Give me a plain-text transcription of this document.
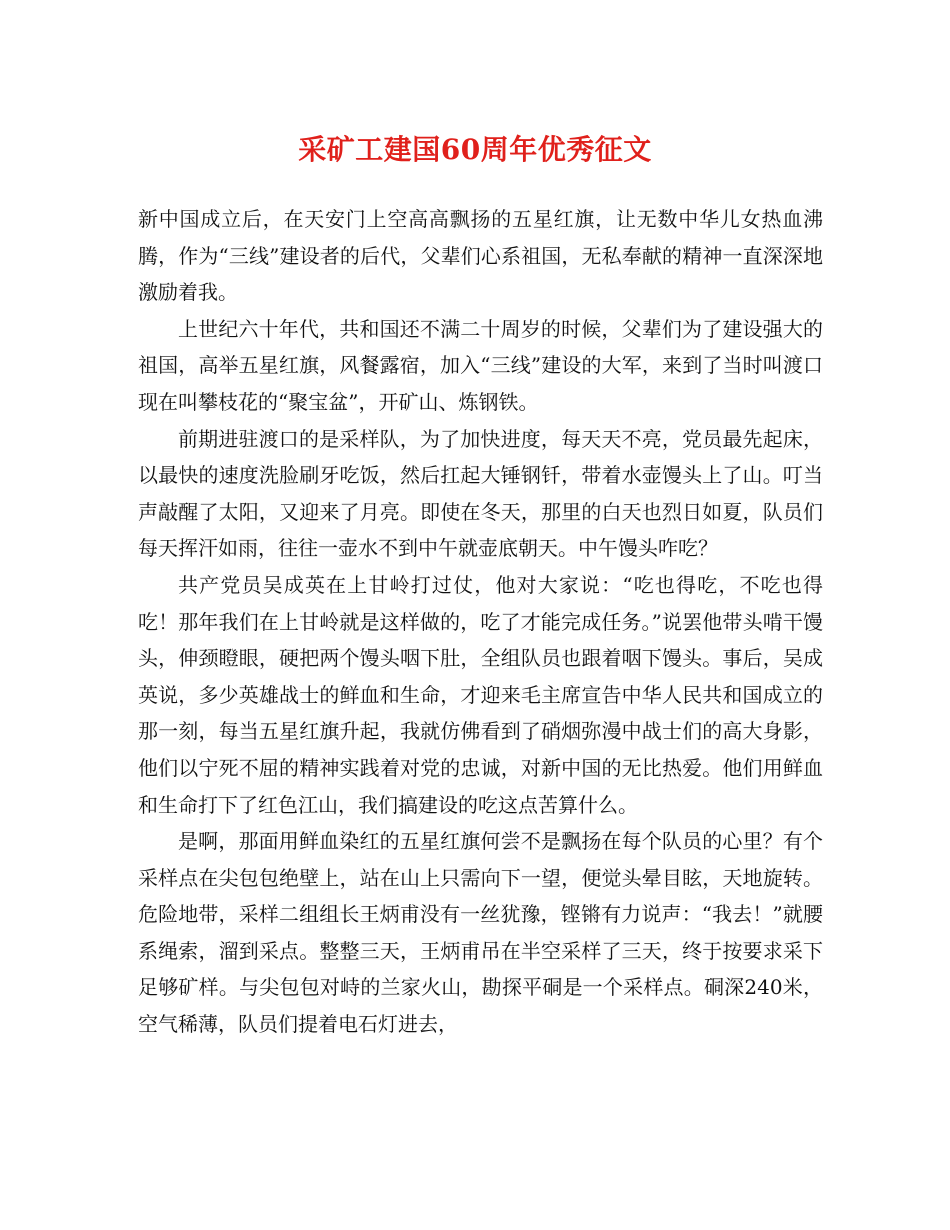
采矿工建国60周年优秀征文

新中国成立后，在天安门上空高高飘扬的五星红旗，让无数中华儿女热血沸腾，作为“三线”建设者的后代，父辈们心系祖国，无私奉献的精神一直深深地激励着我。

上世纪六十年代，共和国还不满二十周岁的时候，父辈们为了建设强大的祖国，高举五星红旗，风餐露宿，加入“三线”建设的大军，来到了当时叫渡口现在叫攀枝花的“聚宝盆”，开矿山、炼钢铁。

前期进驻渡口的是采样队，为了加快进度，每天天不亮，党员最先起床，以最快的速度洗脸刷牙吃饭，然后扛起大锤钢钎，带着水壶馒头上了山。叮当声敲醒了太阳，又迎来了月亮。即使在冬天，那里的白天也烈日如夏，队员们每天挥汗如雨，往往一壶水不到中午就壶底朝天。中午馒头咋吃？

共产党员吴成英在上甘岭打过仗，他对大家说：“吃也得吃，不吃也得吃！那年我们在上甘岭就是这样做的，吃了才能完成任务。”说罢他带头啃干馒头，伸颈瞪眼，硬把两个馒头咽下肚，全组队员也跟着咽下馒头。事后，吴成英说，多少英雄战士的鲜血和生命，才迎来毛主席宣告中华人民共和国成立的那一刻，每当五星红旗升起，我就仿佛看到了硝烟弥漫中战士们的高大身影，他们以宁死不屈的精神实践着对党的忠诚，对新中国的无比热爱。他们用鲜血和生命打下了红色江山，我们搞建设的吃这点苦算什么。

是啊，那面用鲜血染红的五星红旗何尝不是飘扬在每个队员的心里？有个采样点在尖包包绝壁上，站在山上只需向下一望，便觉头晕目眩，天地旋转。危险地带，采样二组组长王炳甫没有一丝犹豫，铿锵有力说声：“我去！”就腰系绳索，溜到采点。整整三天，王炳甫吊在半空采样了三天，终于按要求采下足够矿样。与尖包包对峙的兰家火山，勘探平硐是一个采样点。硐深240米，空气稀薄，队员们提着电石灯进去，
